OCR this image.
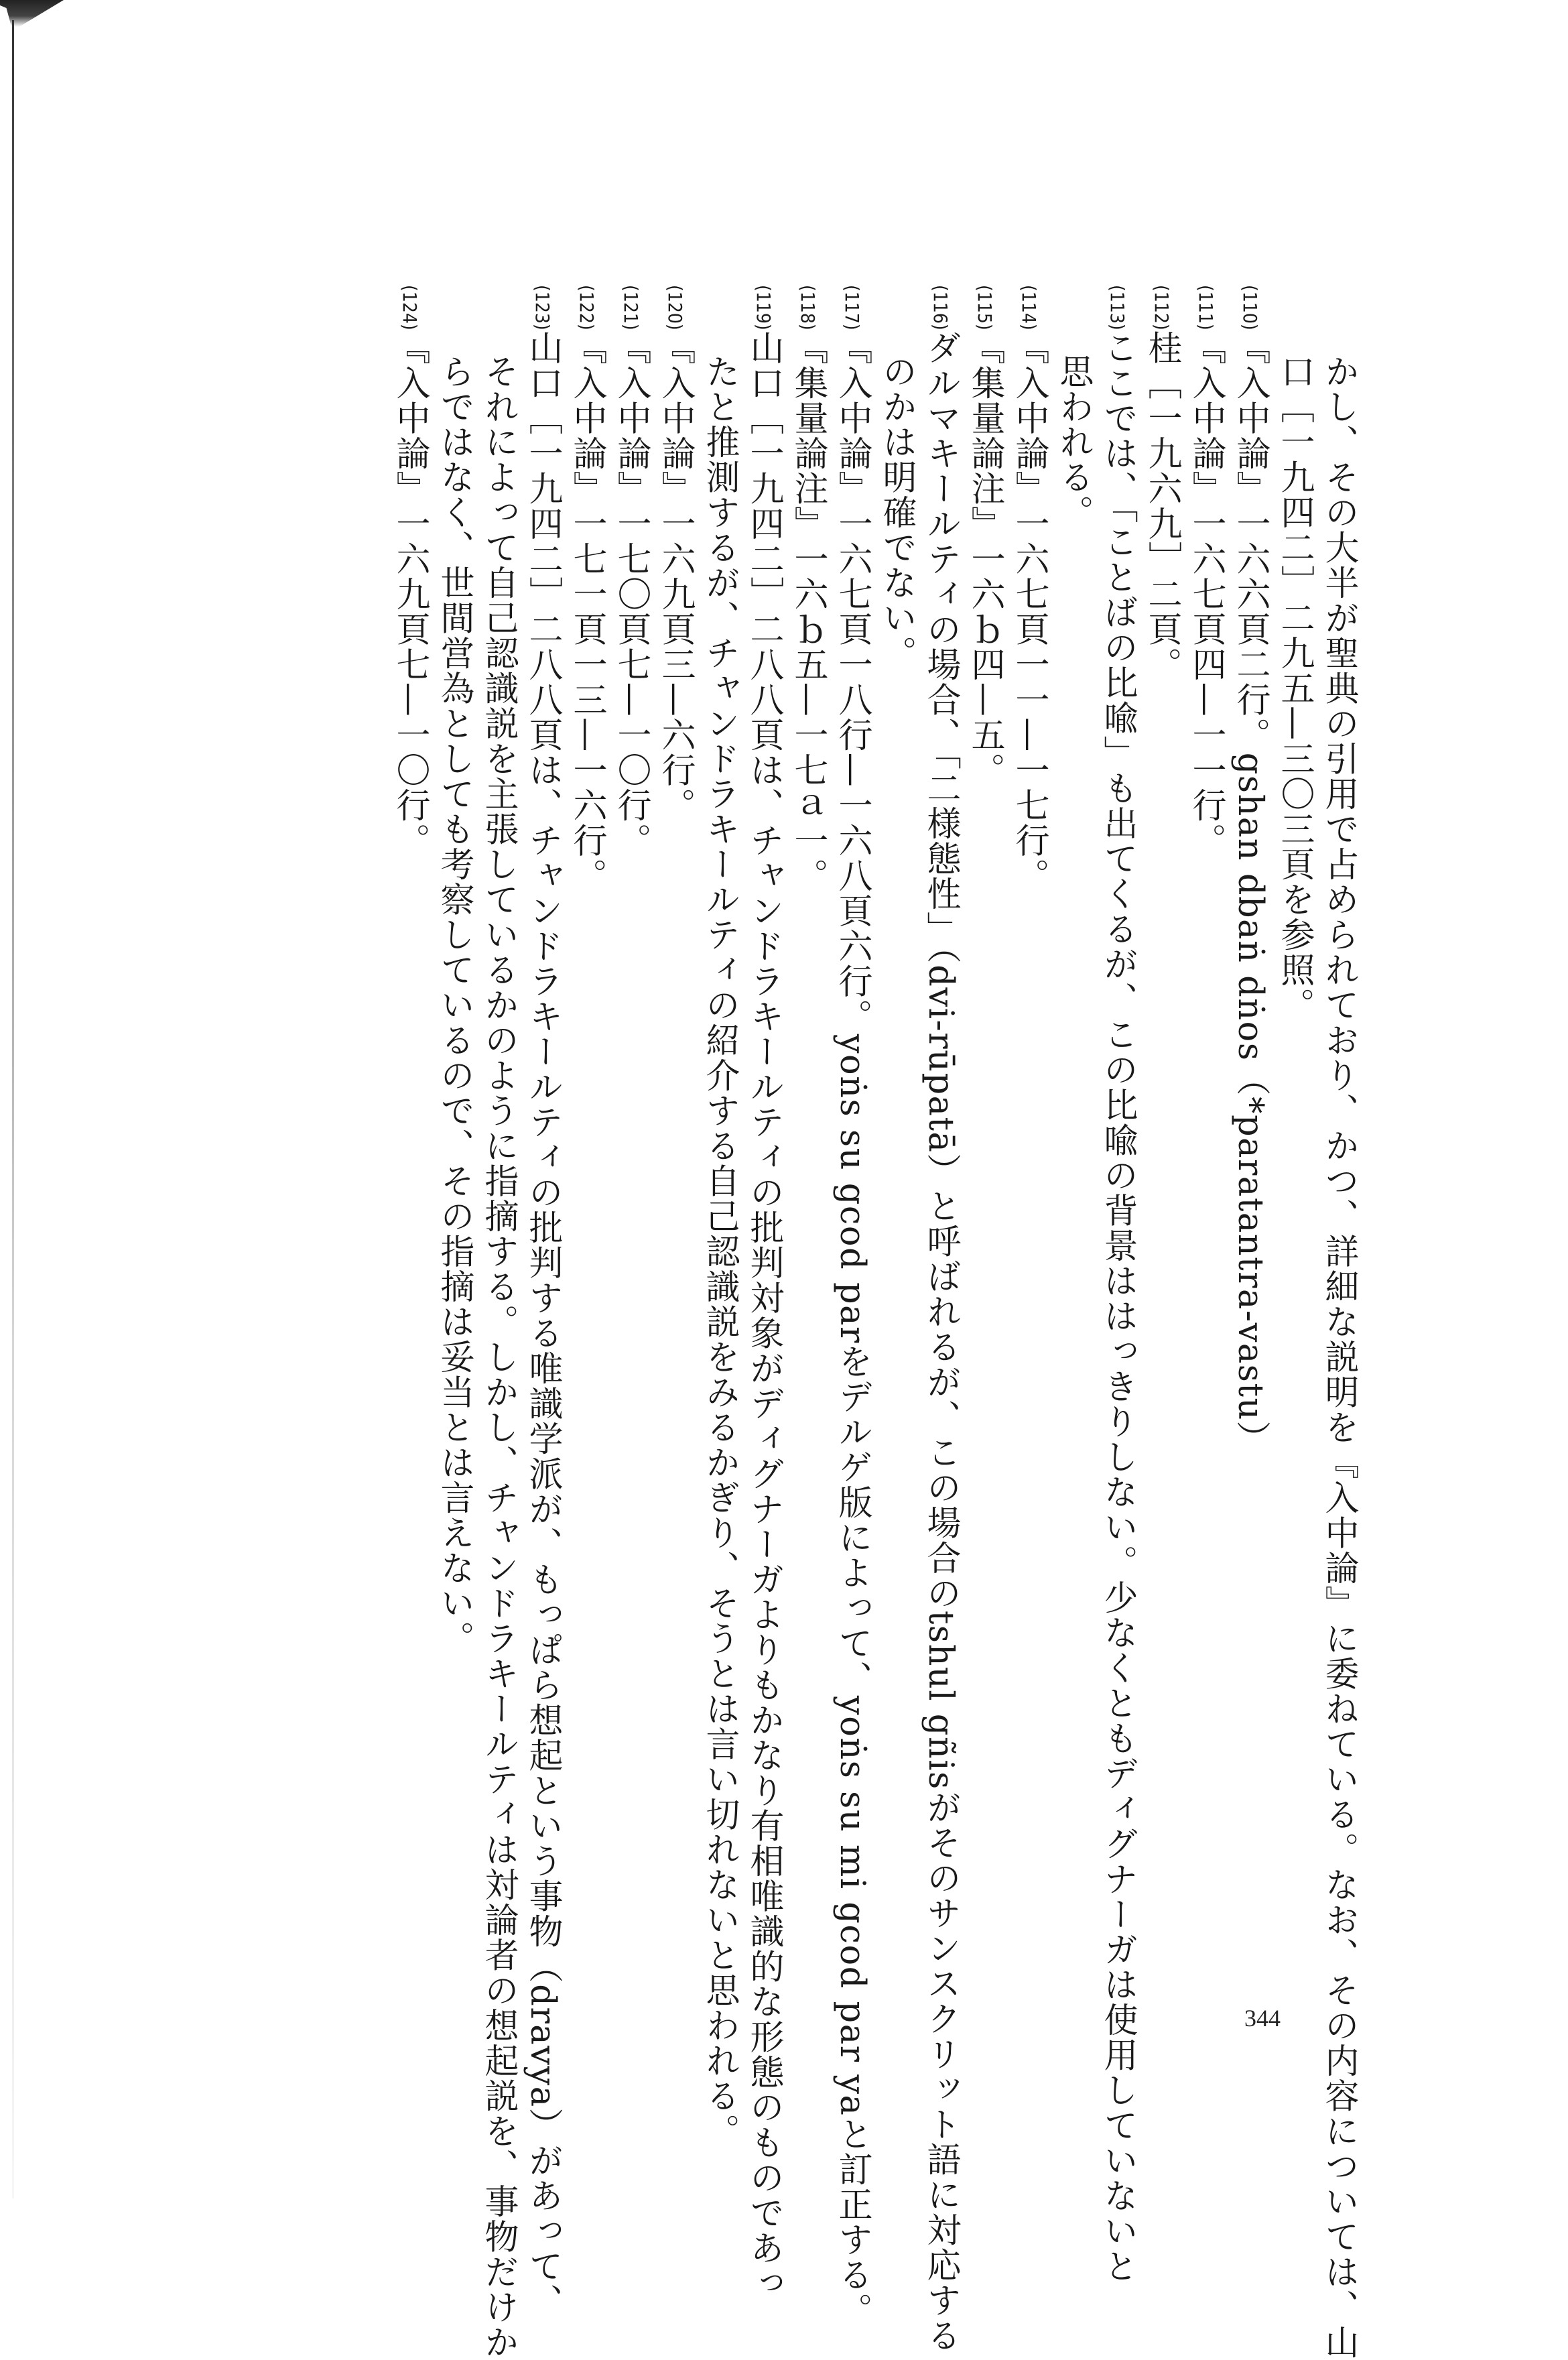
かし、その大半が聖典の引用で占められており、かつ、詳細な説明を『入中論』に委ねている。なお、その内容については、山
口［一九四二］二九五—三〇三頁を参照。
(110)『入中論』一六六頁二行。gshan dbaṅ dṅos（*paratantra-vastu）
(111)『入中論』一六七頁四—一一行。
(112)桂［一九六九］二頁。
(113)ここでは、「ことばの比喩」も出てくるが、この比喩の背景ははっきりしない。少なくともディグナーガは使用していないと
思われる。
(114)『入中論』一六七頁一一—一七行。
(115)『集量論注』一六ｂ四—五。
(116)ダルマキールティの場合、「二様態性」（dvi-rūpatā）と呼ばれるが、この場合のtshul gñisがそのサンスクリット語に対応する
のかは明確でない。
(117)『入中論』一六七頁一八行—一六八頁六行。yoṅs su gcod parをデルゲ版によって、yoṅs su mi gcod par yaと訂正する。
(118)『集量論注』一六ｂ五—一七ａ一。
(119)山口［一九四二］二八八頁は、チャンドラキールティの批判対象がディグナーガよりもかなり有相唯識的な形態のものであっ
たと推測するが、チャンドラキールティの紹介する自己認識説をみるかぎり、そうとは言い切れないと思われる。
(120)『入中論』一六九頁三—六行。
(121)『入中論』一七〇頁七—一〇行。
(122)『入中論』一七一頁一三—一六行。
(123)山口［一九四二］二八八頁は、チャンドラキールティの批判する唯識学派が、もっぱら想起という事物（dravya）があって、
それによって自己認識説を主張しているかのように指摘する。しかし、チャンドラキールティは対論者の想起説を、事物だけか
らではなく、世間営為としても考察しているので、その指摘は妥当とは言えない。
(124)『入中論』一六九頁七—一〇行。
344
